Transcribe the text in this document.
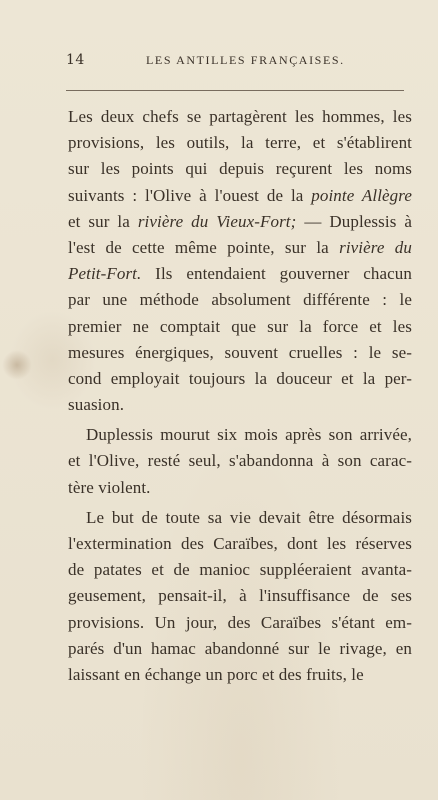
14	LES ANTILLES FRANÇAISES.
Les deux chefs se partagèrent les hommes, les
provisions, les outils, la terre, et s'établirent
sur les points qui depuis reçurent les noms
suivants : l'Olive à l'ouest de la pointe Allègre
et sur la rivière du Vieux-Fort; — Duplessis à
l'est de cette même pointe, sur la rivière du
Petit-Fort. Ils entendaient gouverner chacun
par une méthode absolument différente : le
premier ne comptait que sur la force et les
mesures énergiques, souvent cruelles : le se-
cond employait toujours la douceur et la per-
suasion.
Duplessis mourut six mois après son arrivée,
et l'Olive, resté seul, s'abandonna à son carac-
tère violent.
Le but de toute sa vie devait être désormais
l'extermination des Caraïbes, dont les réserves
de patates et de manioc suppléeraient avanta-
geusement, pensait-il, à l'insuffisance de ses
provisions. Un jour, des Caraïbes s'étant em-
parés d'un hamac abandonné sur le rivage, en
laissant en échange un porc et des fruits, le
